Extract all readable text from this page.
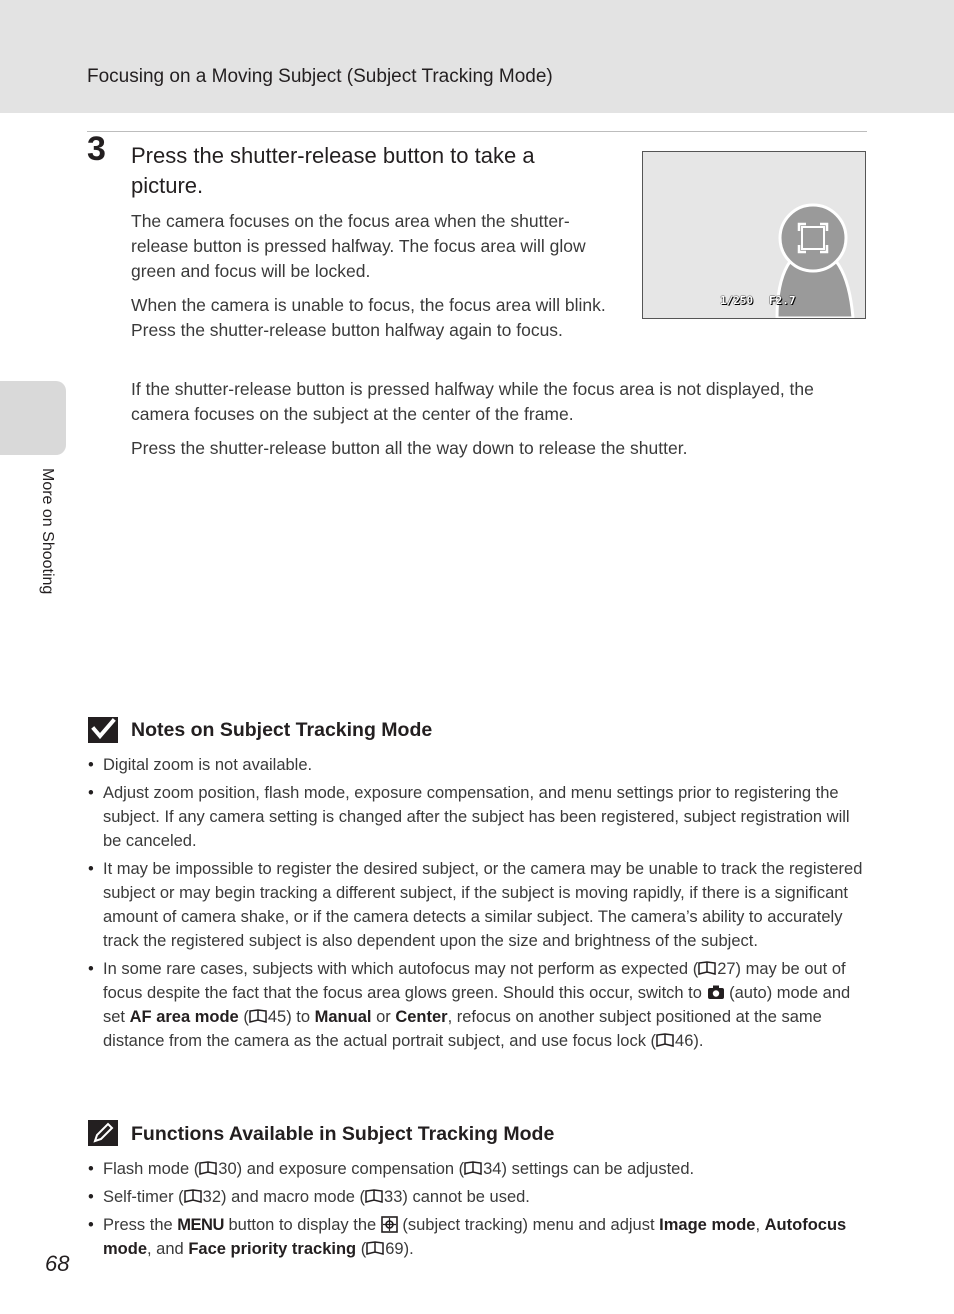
Focusing on a Moving Subject (Subject Tracking Mode)
More on Shooting
3 Press the shutter-release button to take a picture.
The camera focuses on the focus area when the shutter-release button is pressed halfway. The focus area will glow green and focus will be locked.
When the camera is unable to focus, the focus area will blink. Press the shutter-release button halfway again to focus.
If the shutter-release button is pressed halfway while the focus area is not displayed, the camera focuses on the subject at the center of the frame.
Press the shutter-release button all the way down to release the shutter.
1/250 F2.7
Notes on Subject Tracking Mode
• Digital zoom is not available.
• Adjust zoom position, flash mode, exposure compensation, and menu settings prior to registering the subject. If any camera setting is changed after the subject has been registered, subject registration will be canceled.
• It may be impossible to register the desired subject, or the camera may be unable to track the registered subject or may begin tracking a different subject, if the subject is moving rapidly, if there is a significant amount of camera shake, or if the camera detects a similar subject. The camera’s ability to accurately track the registered subject is also dependent upon the size and brightness of the subject.
• In some rare cases, subjects with which autofocus may not perform as expected ( 27) may be out of focus despite the fact that the focus area glows green. Should this occur, switch to (auto) mode and set AF area mode ( 45) to Manual or Center, refocus on another subject positioned at the same distance from the camera as the actual portrait subject, and use focus lock ( 46).
Functions Available in Subject Tracking Mode
• Flash mode ( 30) and exposure compensation ( 34) settings can be adjusted.
• Self-timer ( 32) and macro mode ( 33) cannot be used.
• Press the MENU button to display the (subject tracking) menu and adjust Image mode, Autofocus mode, and Face priority tracking ( 69).
68
